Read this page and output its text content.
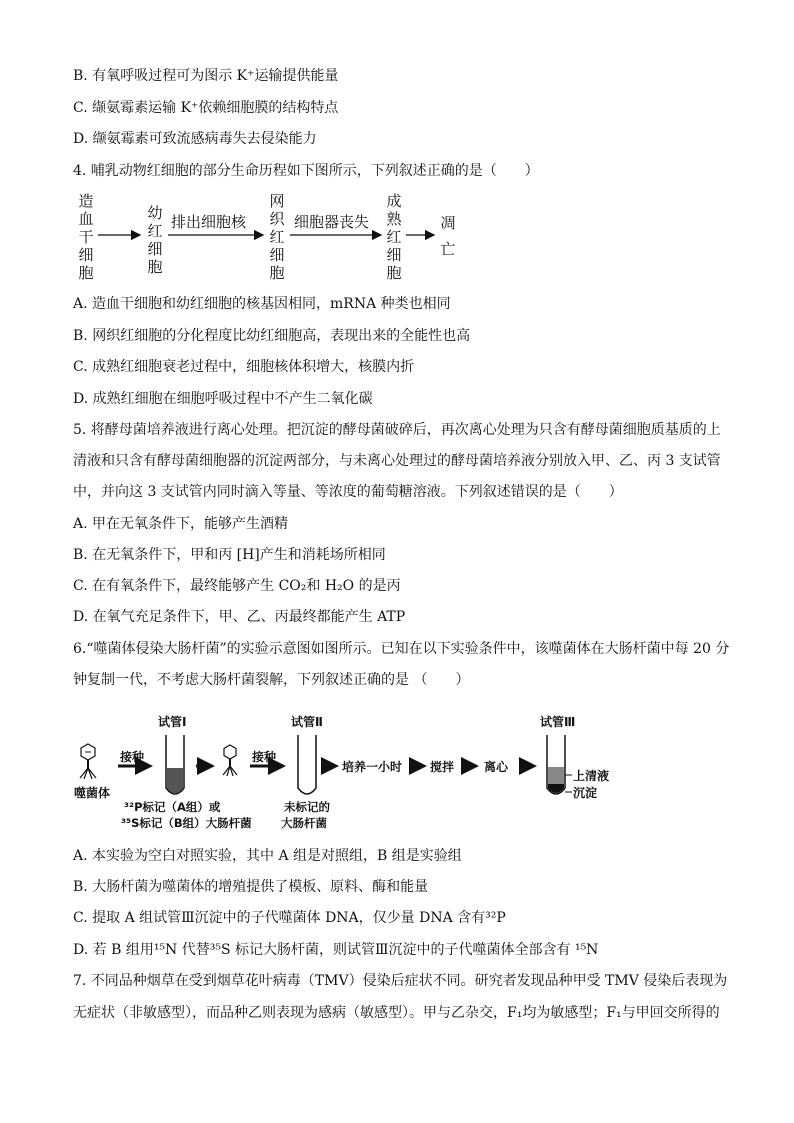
B. 有氧呼吸过程可为图示 K⁺运输提供能量
C. 缬氨霉素运输 K⁺依赖细胞膜的结构特点
D. 缬氨霉素可致流感病毒失去侵染能力
4. 哺乳动物红细胞的部分生命历程如下图所示，下列叙述正确的是（　　）
造血干细胞
幼红细胞
网织红细胞
成熟红细胞
凋亡
排出细胞核	细胞器丧失
A. 造血干细胞和幼红细胞的核基因相同，mRNA 种类也相同
B. 网织红细胞的分化程度比幼红细胞高，表现出来的全能性也高
C. 成熟红细胞衰老过程中，细胞核体积增大，核膜内折
D. 成熟红细胞在细胞呼吸过程中不产生二氧化碳
5. 将酵母菌培养液进行离心处理。把沉淀的酵母菌破碎后，再次离心处理为只含有酵母菌细胞质基质的上
清液和只含有酵母菌细胞器的沉淀两部分，与未离心处理过的酵母菌培养液分别放入甲、乙、丙 3 支试管
中，并向这 3 支试管内同时滴入等量、等浓度的葡萄糖溶液。下列叙述错误的是（　　）
A. 甲在无氧条件下，能够产生酒精
B. 在无氧条件下，甲和丙 [H]产生和消耗场所相同
C. 在有氧条件下，最终能够产生 CO₂和 H₂O 的是丙
D. 在氧气充足条件下，甲、乙、丙最终都能产生 ATP
6.“噬菌体侵染大肠杆菌”的实验示意图如图所示。已知在以下实验条件中，该噬菌体在大肠杆菌中每 20 分
钟复制一代，不考虑大肠杆菌裂解，下列叙述正确的是 （　　）
试管Ⅰ	试管Ⅱ	试管Ⅲ
接种	接种
噬菌体
培养一小时 搅拌 离心
上清液
沉淀
³²P标记（A组）或
³⁵S标记（B组）大肠杆菌
未标记的
大肠杆菌
A. 本实验为空白对照实验，其中 A 组是对照组，B 组是实验组
B. 大肠杆菌为噬菌体的增殖提供了模板、原料、酶和能量
C. 提取 A 组试管Ⅲ沉淀中的子代噬菌体 DNA，仅少量 DNA 含有³²P
D. 若 B 组用¹⁵N 代替³⁵S 标记大肠杆菌，则试管Ⅲ沉淀中的子代噬菌体全部含有 ¹⁵N
7. 不同品种烟草在受到烟草花叶病毒（TMV）侵染后症状不同。研究者发现品种甲受 TMV 侵染后表现为
无症状（非敏感型），而品种乙则表现为感病（敏感型）。甲与乙杂交，F₁均为敏感型；F₁与甲回交所得的
